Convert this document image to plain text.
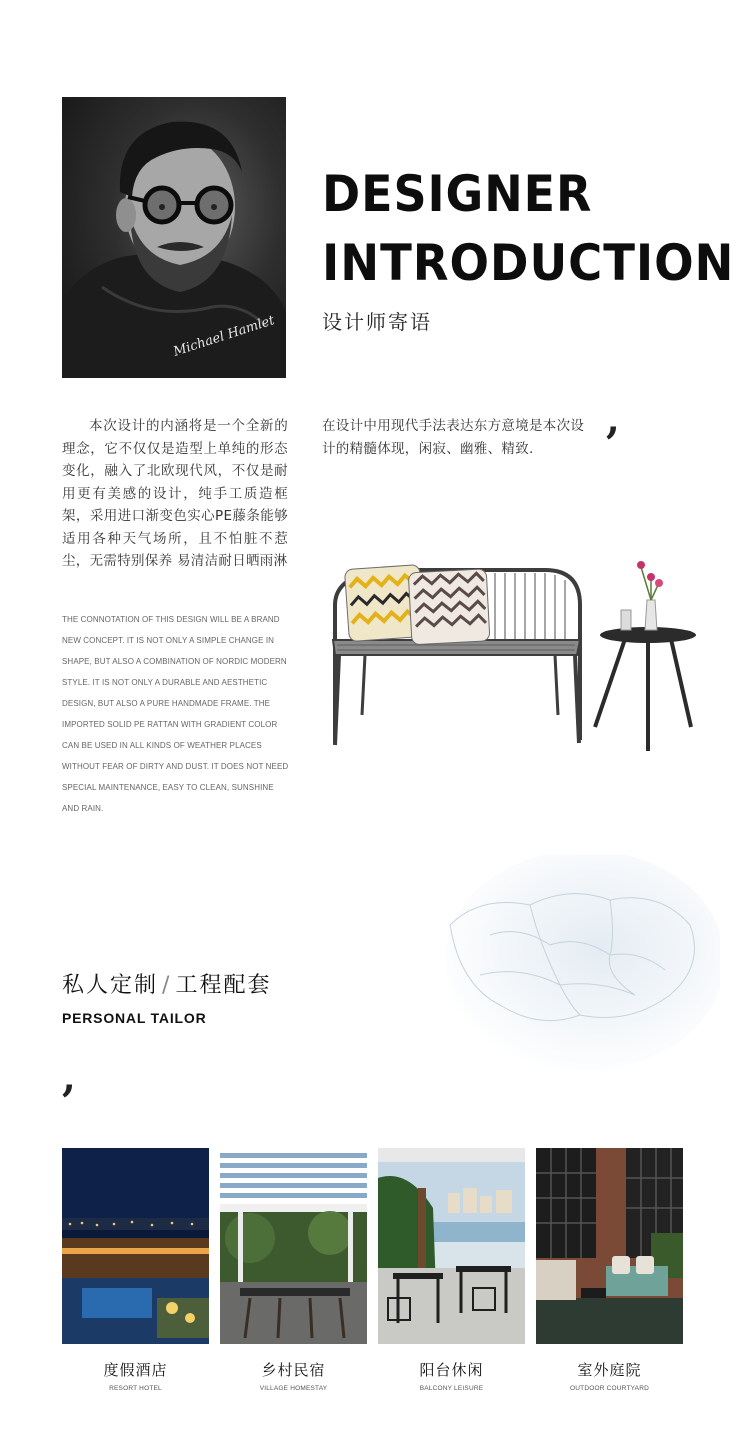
Michael Hamlet
DESIGNER
INTRODUCTION
设计师寄语
本次设计的内涵将是一个全新的理念，它不仅仅是造型上单纯的形态变化，融入了北欧现代风，不仅是耐用更有美感的设计，纯手工质造框架，采用进口渐变色实心PE藤条能够适用各种天气场所，且不怕脏不惹尘，无需特别保养 易清洁耐日晒雨淋
THE CONNOTATION OF THIS DESIGN WILL BE A BRAND NEW CONCEPT. IT IS NOT ONLY A SIMPLE CHANGE IN SHAPE, BUT ALSO A COMBINATION OF NORDIC MODERN STYLE. IT IS NOT ONLY A DURABLE AND AESTHETIC DESIGN, BUT ALSO A PURE HANDMADE FRAME. THE IMPORTED SOLID PE RATTAN WITH GRADIENT COLOR CAN BE USED IN ALL KINDS OF WEATHER PLACES WITHOUT FEAR OF DIRTY AND DUST. IT DOES NOT NEED SPECIAL MAINTENANCE, EASY TO CLEAN, SUNSHINE AND RAIN.
在设计中用现代手法表达东方意境是本次设计的精髓体现，闲寂、幽雅、精致.
,
私人定制 / 工程配套
PERSONAL TAILOR
,
度假酒店
RESORT HOTEL
乡村民宿
VILLAGE HOMESTAY
阳台休闲
BALCONY LEISURE
室外庭院
OUTDOOR COURTYARD
